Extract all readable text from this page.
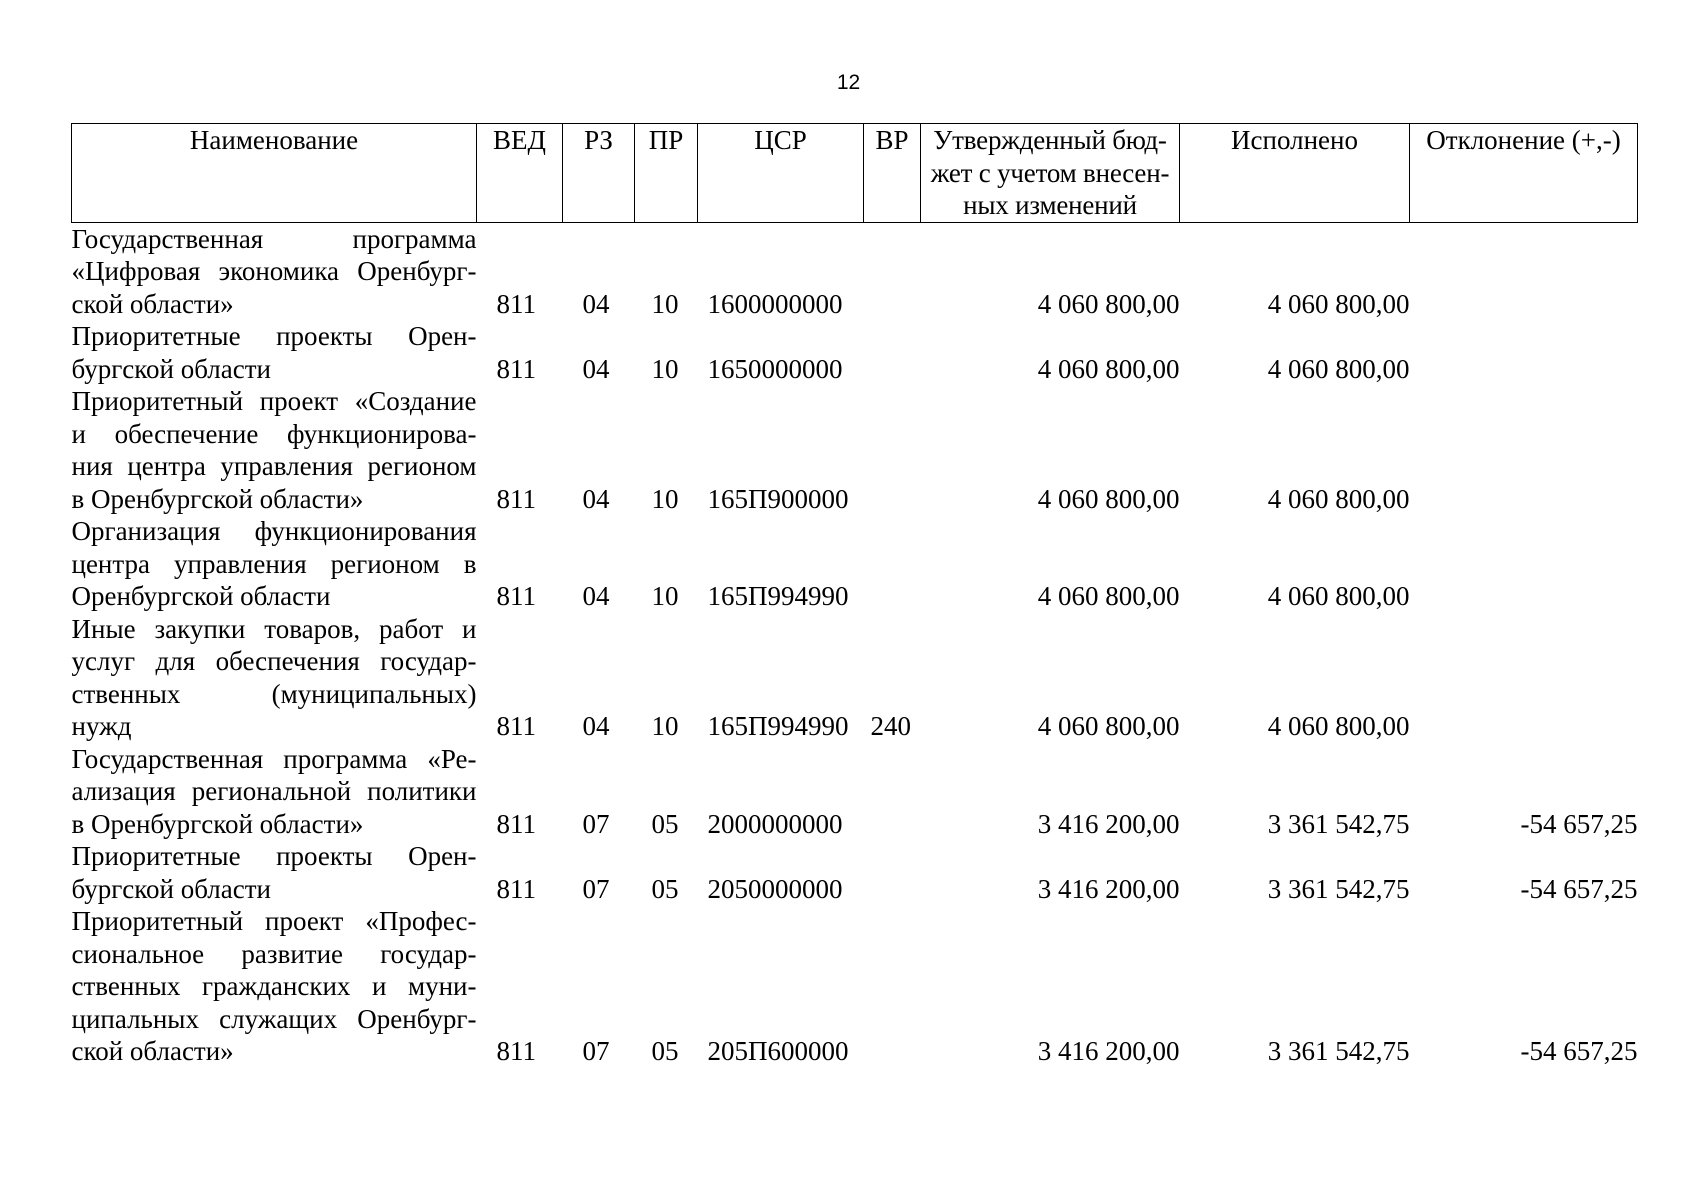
12
Наименование	ВЕД	РЗ	ПР	ЦСР	ВР	Утвержденный бюд-
жет с учетом внесен-
ных изменений	Исполнено	Отклонение (+,-)

Государственная программа
«Цифровая экономика Оренбург-
ской области»	811	04	10	1600000000		4 060 800,00	4 060 800,00	

Приоритетные проекты Орен-
бургской области	811	04	10	1650000000		4 060 800,00	4 060 800,00	

Приоритетный проект «Создание
и обеспечение функционирова-
ния центра управления регионом
в Оренбургской области»	811	04	10	165П900000		4 060 800,00	4 060 800,00	

Организация функционирования
центра управления регионом в
Оренбургской области	811	04	10	165П994990		4 060 800,00	4 060 800,00	

Иные закупки товаров, работ и
услуг для обеспечения государ-
ственных (муниципальных)
нужд	811	04	10	165П994990	240	4 060 800,00	4 060 800,00	

Государственная программа «Ре-
ализация региональной политики
в Оренбургской области»	811	07	05	2000000000		3 416 200,00	3 361 542,75	-54 657,25

Приоритетные проекты Орен-
бургской области	811	07	05	2050000000		3 416 200,00	3 361 542,75	-54 657,25

Приоритетный проект «Профес-
сиональное развитие государ-
ственных гражданских и муни-
ципальных служащих Оренбург-
ской области»	811	07	05	205П600000		3 416 200,00	3 361 542,75	-54 657,25
